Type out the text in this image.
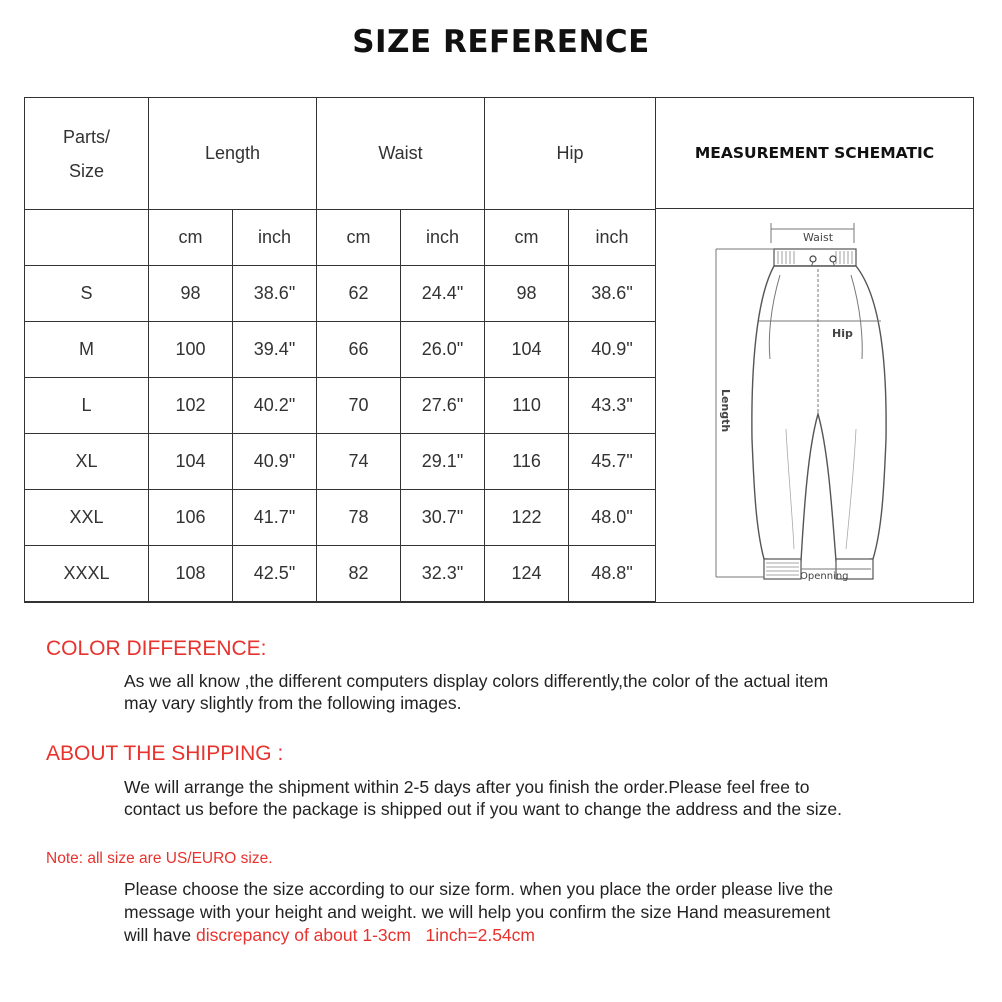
SIZE REFERENCE
Parts/
Size	Length		Waist		Hip	
	cm	inch	cm	inch	cm	inch
S	98	38.6"	62	24.4"	98	38.6"
M	100	39.4"	66	26.0"	104	40.9"
L	102	40.2"	70	27.6"	110	43.3"
XL	104	40.9"	74	29.1"	116	45.7"
XXL	106	41.7"	78	30.7"	122	48.0"
XXXL	108	42.5"	82	32.3"	124	48.8"
MEASUREMENT SCHEMATIC
Waist
Hip
Length
Openning
COLOR DIFFERENCE:
As we all know ,the different computers display colors differently,the color of the actual item
may vary slightly from the following images.
ABOUT THE SHIPPING :
We will arrange the shipment within 2-5 days after you finish the order.Please feel free to
contact us before the package is shipped out if you want to change the address and the size.
Note: all size are US/EURO size.
Please choose the size according to our size form. when you place the order please live the
message with your height and weight. we will help you confirm the size Hand measurement
will have discrepancy of about 1-3cm   1inch=2.54cm
